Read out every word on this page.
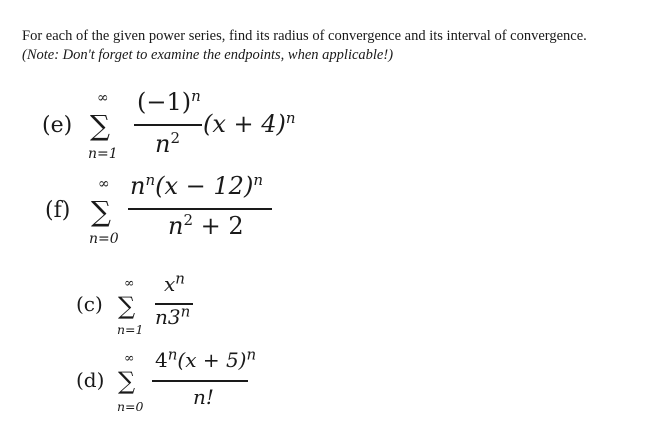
For each of the given power series, find its radius of convergence and its interval of convergence.
(Note: Don't forget to examine the endpoints, when applicable!)
(e)
∞
∑
n=1
$(-1)^n$
$n^2$ $(x + 4)^n$
(f)
∞
∑
n=0
$n^n(x - 12)^n$
$n^2 + 2$
(c)
∞
∑
n=1
$x^n$
n3$^n$
(d)
∞
∑
n=0
$4^n(x + 5)^n$
n!
